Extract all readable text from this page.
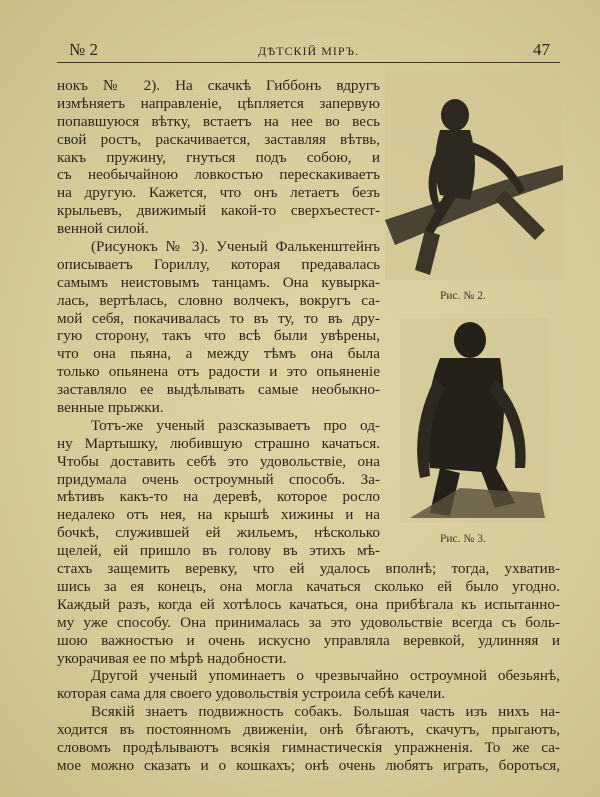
№ 2	ДѢТСКІЙ МІРЪ.	47
нокъ № 2). На скачкѣ Гиббонъ вдругъ
измѣняетъ направленіе, цѣпляется запервую
попавшуюся вѣтку, встаетъ на нее во весь
свой ростъ, раскачивается, заставляя вѣтвь,
какъ пружину, гнуться подъ собою, и
съ необычайною ловкостью перескакиваетъ
на другую. Кажется, что онъ летаетъ безъ
крыльевъ, движимый какой-то сверхъестест-
венной силой.
(Рисунокъ № 3). Ученый Фалькенштейнъ
описываетъ Гориллу, которая предавалась
самымъ неистовымъ танцамъ. Она кувырка-
лась, вертѣлась, словно волчекъ, вокругъ са-
мой себя, покачивалась то въ ту, то въ дру-
гую сторону, такъ что всѣ были увѣрены,
что она пьяна, а между тѣмъ она была
только опьянена отъ радости и это опьяненіе
заставляло ее выдѣлывать самые необыкно-
венные прыжки.
Тотъ-же ученый разсказываетъ про од-
ну Мартышку, любившую страшно качаться.
Чтобы доставить себѣ это удовольствіе, она
придумала очень остроумный способъ. За-
мѣтивъ какъ-то на деревѣ, которое росло
недалеко отъ нея, на крышѣ хижины и на
бочкѣ, служившей ей жильемъ, нѣсколько
щелей, ей пришло въ голову въ этихъ мѣ-
стахъ защемить веревку, что ей удалось вполнѣ; тогда, ухватив-
шись за ея конецъ, она могла качаться сколько ей было угодно.
Каждый разъ, когда ей хотѣлось качаться, она прибѣгала къ испытанно-
му уже способу. Она принималась за это удовольствіе всегда съ боль-
шою важностью и очень искусно управляла веревкой, удлинняя и
укорачивая ее по мѣрѣ надобности.
Другой ученый упоминаетъ о чрезвычайно остроумной обезьянѣ,
которая сама для своего удовольствія устроила себѣ качели.
Всякій знаетъ подвижность собакъ. Большая часть изъ нихъ на-
ходится въ постоянномъ движеніи, онѣ бѣгаютъ, скачутъ, прыгаютъ,
словомъ продѣлываютъ всякія гимнастическія упражненія. То же са-
мое можно сказать и о кошкахъ; онѣ очень любятъ играть, бороться,
Рис. № 2.
Рис. № 3.
